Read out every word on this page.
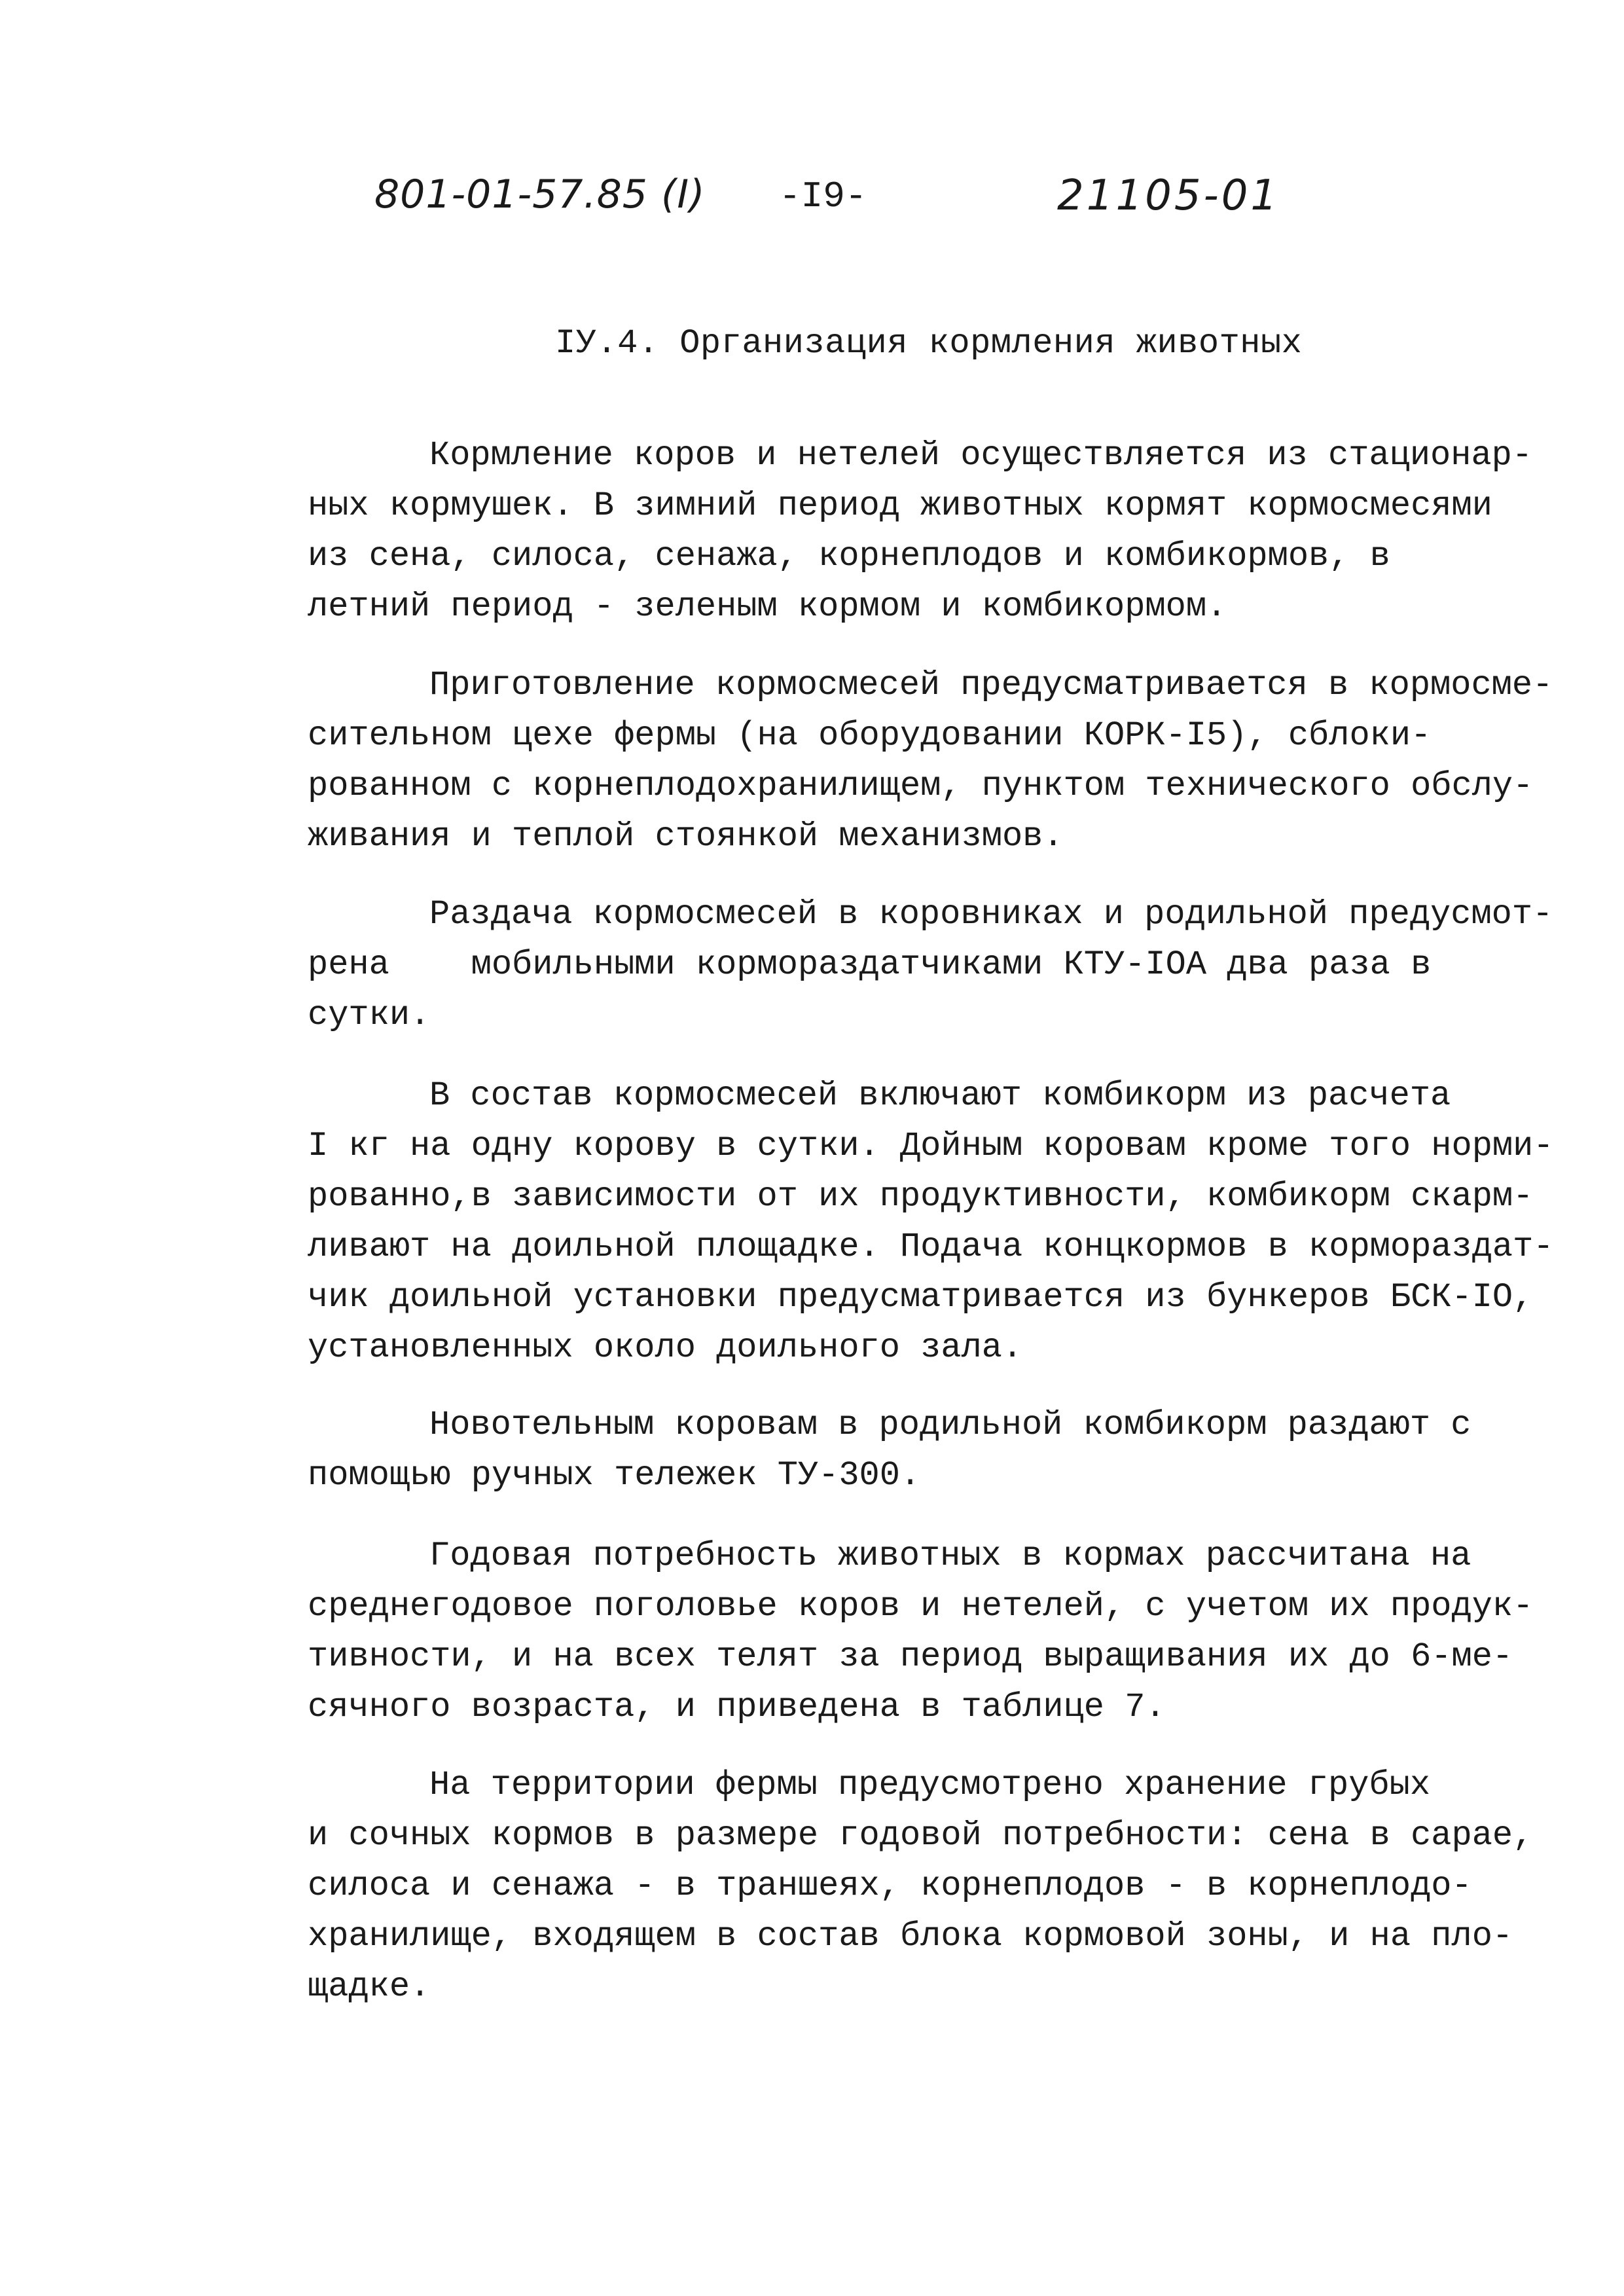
801-01-57.85 (I) -I9-	21105-01
IУ.4. Организация кормления животных
Кормление коров и нетелей осуществляется из стационар-
ных кормушек. В зимний период животных кормят кормосмесями
из сена, силоса, сенажа, корнеплодов и комбикормов, в
летний период - зеленым кормом и комбикормом.
Приготовление кормосмесей предусматривается в кормосме-
сительном цехе фермы (на оборудовании КОРК-I5), сблоки-
рованном с корнеплодохранилищем, пунктом технического обслу-
живания и теплой стоянкой механизмов.
Раздача кормосмесей в коровниках и родильной предусмот-
рена    мобильными кормораздатчиками КТУ-IОА два раза в
сутки.
В состав кормосмесей включают комбикорм из расчета
I кг на одну корову в сутки. Дойным коровам кроме того норми-
рованно,в зависимости от их продуктивности, комбикорм скарм-
ливают на доильной площадке. Подача концкормов в кормораздат-
чик доильной установки предусматривается из бункеров БСК-IО,
установленных около доильного зала.
Новотельным коровам в родильной комбикорм раздают с
помощью ручных тележек ТУ-300.
Годовая потребность животных в кормах рассчитана на
среднегодовое поголовье коров и нетелей, с учетом их продук-
тивности, и на всех телят за период выращивания их до 6-ме-
сячного возраста, и приведена в таблице 7.
На территории фермы предусмотрено хранение грубых
и сочных кормов в размере годовой потребности: сена в сарае,
силоса и сенажа - в траншеях, корнеплодов - в корнеплодо-
хранилище, входящем в состав блока кормовой зоны, и на пло-
щадке.
